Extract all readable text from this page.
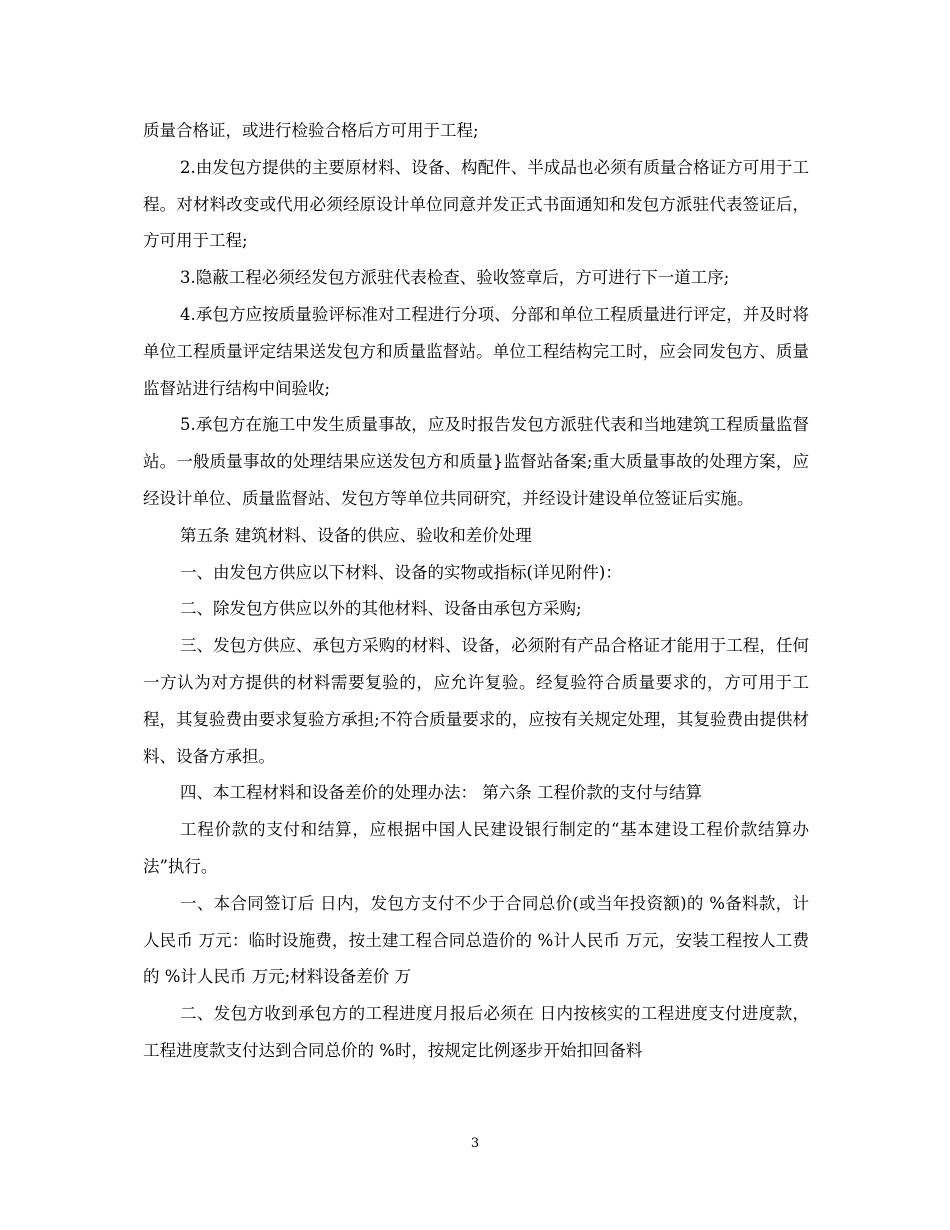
质量合格证，或进行检验合格后方可用于工程;

2.由发包方提供的主要原材料、设备、构配件、半成品也必须有质量合格证方可用于工程。对材料改变或代用必须经原设计单位同意并发正式书面通知和发包方派驻代表签证后，方可用于工程;

3.隐蔽工程必须经发包方派驻代表检查、验收签章后，方可进行下一道工序;

4.承包方应按质量验评标准对工程进行分项、分部和单位工程质量进行评定，并及时将单位工程质量评定结果送发包方和质量监督站。单位工程结构完工时，应会同发包方、质量监督站进行结构中间验收;

5.承包方在施工中发生质量事故，应及时报告发包方派驻代表和当地建筑工程质量监督站。一般质量事故的处理结果应送发包方和质量}监督站备案;重大质量事故的处理方案，应经设计单位、质量监督站、发包方等单位共同研究，并经设计建设单位签证后实施。

第五条 建筑材料、设备的供应、验收和差价处理

一、由发包方供应以下材料、设备的实物或指标(详见附件)：

二、除发包方供应以外的其他材料、设备由承包方采购;

三、发包方供应、承包方采购的材料、设备，必须附有产品合格证才能用于工程，任何一方认为对方提供的材料需要复验的，应允许复验。经复验符合质量要求的，方可用于工程，其复验费由要求复验方承担;不符合质量要求的，应按有关规定处理，其复验费由提供材料、设备方承担。

四、本工程材料和设备差价的处理办法： 第六条 工程价款的支付与结算

工程价款的支付和结算，应根据中国人民建设银行制定的“基本建设工程价款结算办法”执行。

一、本合同签订后 日内，发包方支付不少于合同总价(或当年投资额)的 %备料款，计人民币 万元：临时设施费，按土建工程合同总造价的 %计人民币 万元，安装工程按人工费的 %计人民币 万元;材料设备差价 万

二、发包方收到承包方的工程进度月报后必须在 日内按核实的工程进度支付进度款，工程进度款支付达到合同总价的 %时，按规定比例逐步开始扣回备料

3
